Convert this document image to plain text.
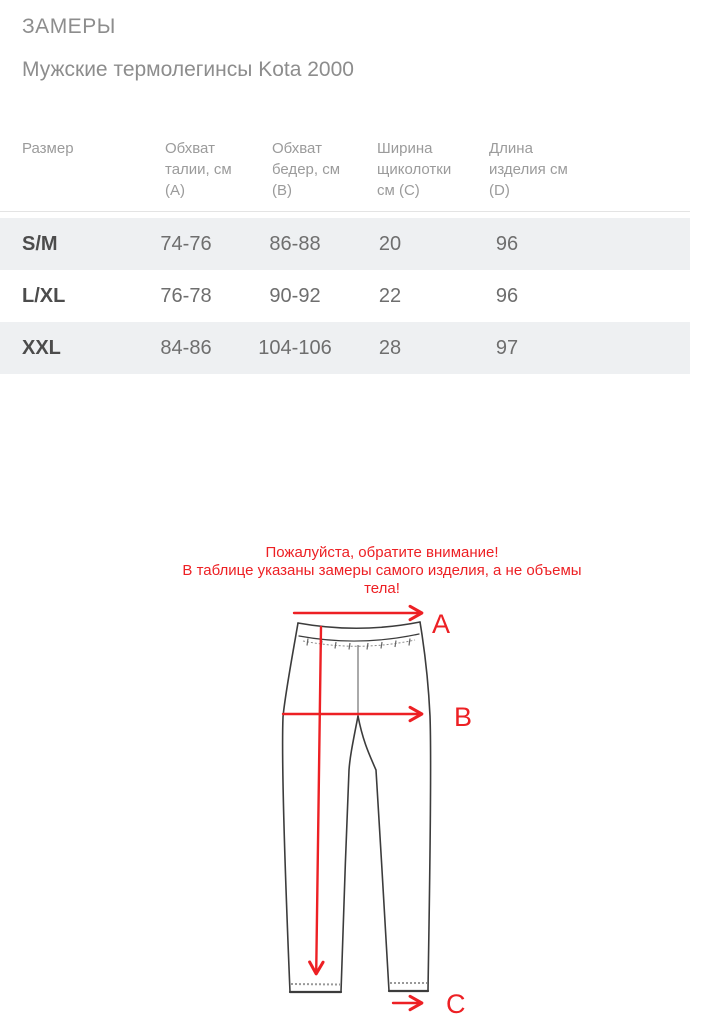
ЗАМЕРЫ
Мужские термолегинсы Kota 2000
Размер	Обхват талии, см (A)	Обхват бедер, см (B)	Ширина щиколотки см (C)	Длина изделия см (D)	

S/M	74-76	86-88	20	96	
L/XL	76-78	90-92	22	96	
XXL	84-86	104-106	28	97	
Пожалуйста, обратите внимание!
В таблице указаны замеры самого изделия, а не объемы тела!
A
B
C
